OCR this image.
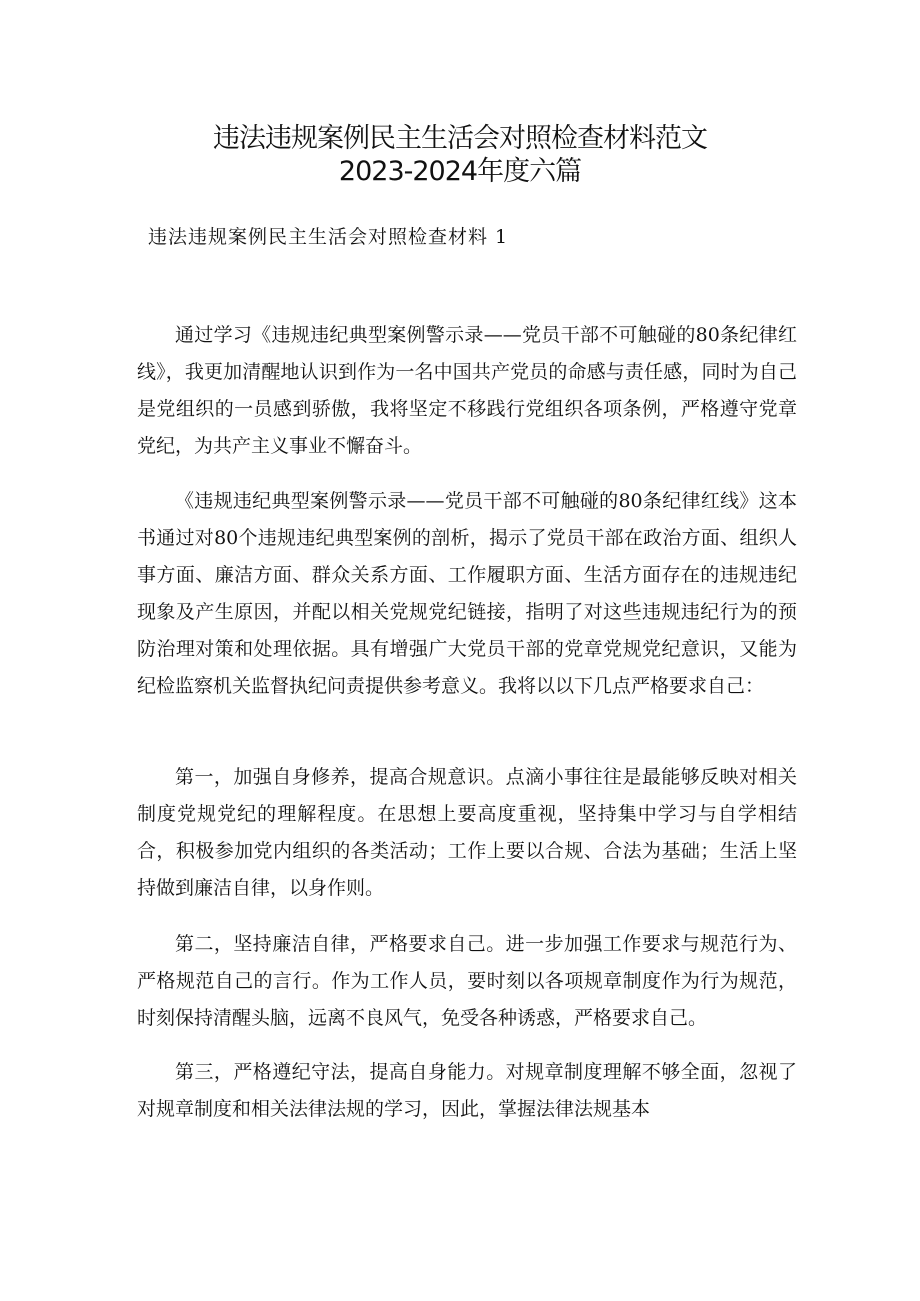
违法违规案例民主生活会对照检查材料范文
2023-2024年度六篇
违法违规案例民主生活会对照检查材料 1

通过学习《违规违纪典型案例警示录——党员干部不可触碰的80条纪律红线》，我更加清醒地认识到作为一名中国共产党员的命感与责任感，同时为自己是党组织的一员感到骄傲，我将坚定不移践行党组织各项条例，严格遵守党章党纪，为共产主义事业不懈奋斗。

《违规违纪典型案例警示录——党员干部不可触碰的80条纪律红线》这本书通过对80个违规违纪典型案例的剖析，揭示了党员干部在政治方面、组织人事方面、廉洁方面、群众关系方面、工作履职方面、生活方面存在的违规违纪现象及产生原因，并配以相关党规党纪链接，指明了对这些违规违纪行为的预防治理对策和处理依据。具有增强广大党员干部的党章党规党纪意识，又能为纪检监察机关监督执纪问责提供参考意义。我将以以下几点严格要求自己：

第一，加强自身修养，提高合规意识。点滴小事往往是最能够反映对相关制度党规党纪的理解程度。在思想上要高度重视，坚持集中学习与自学相结合，积极参加党内组织的各类活动；工作上要以合规、合法为基础；生活上坚持做到廉洁自律，以身作则。

第二，坚持廉洁自律，严格要求自己。进一步加强工作要求与规范行为、严格规范自己的言行。作为工作人员，要时刻以各项规章制度作为行为规范，时刻保持清醒头脑，远离不良风气，免受各种诱惑，严格要求自己。

第三，严格遵纪守法，提高自身能力。对规章制度理解不够全面，忽视了对规章制度和相关法律法规的学习，因此，掌握法律法规基本
